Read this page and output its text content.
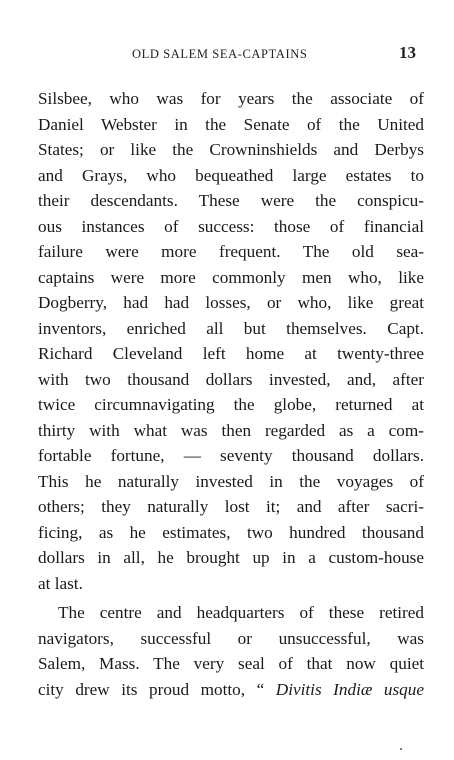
OLD SALEM SEA-CAPTAINS	13
Silsbee, who was for years the associate of
Daniel Webster in the Senate of the United
States; or like the Crowninshields and Derbys
and Grays, who bequeathed large estates to
their descendants. These were the conspicu-
ous instances of success: those of financial
failure were more frequent. The old sea-
captains were more commonly men who, like
Dogberry, had had losses, or who, like great
inventors, enriched all but themselves. Capt.
Richard Cleveland left home at twenty-three
with two thousand dollars invested, and, after
twice circumnavigating the globe, returned at
thirty with what was then regarded as a com-
fortable fortune, — seventy thousand dollars.
This he naturally invested in the voyages of
others; they naturally lost it; and after sacri-
ficing, as he estimates, two hundred thousand
dollars in all, he brought up in a custom-house
at last.
The centre and headquarters of these retired
navigators, successful or unsuccessful, was
Salem, Mass. The very seal of that now quiet
city drew its proud motto, “ Divitis Indiæ usque
